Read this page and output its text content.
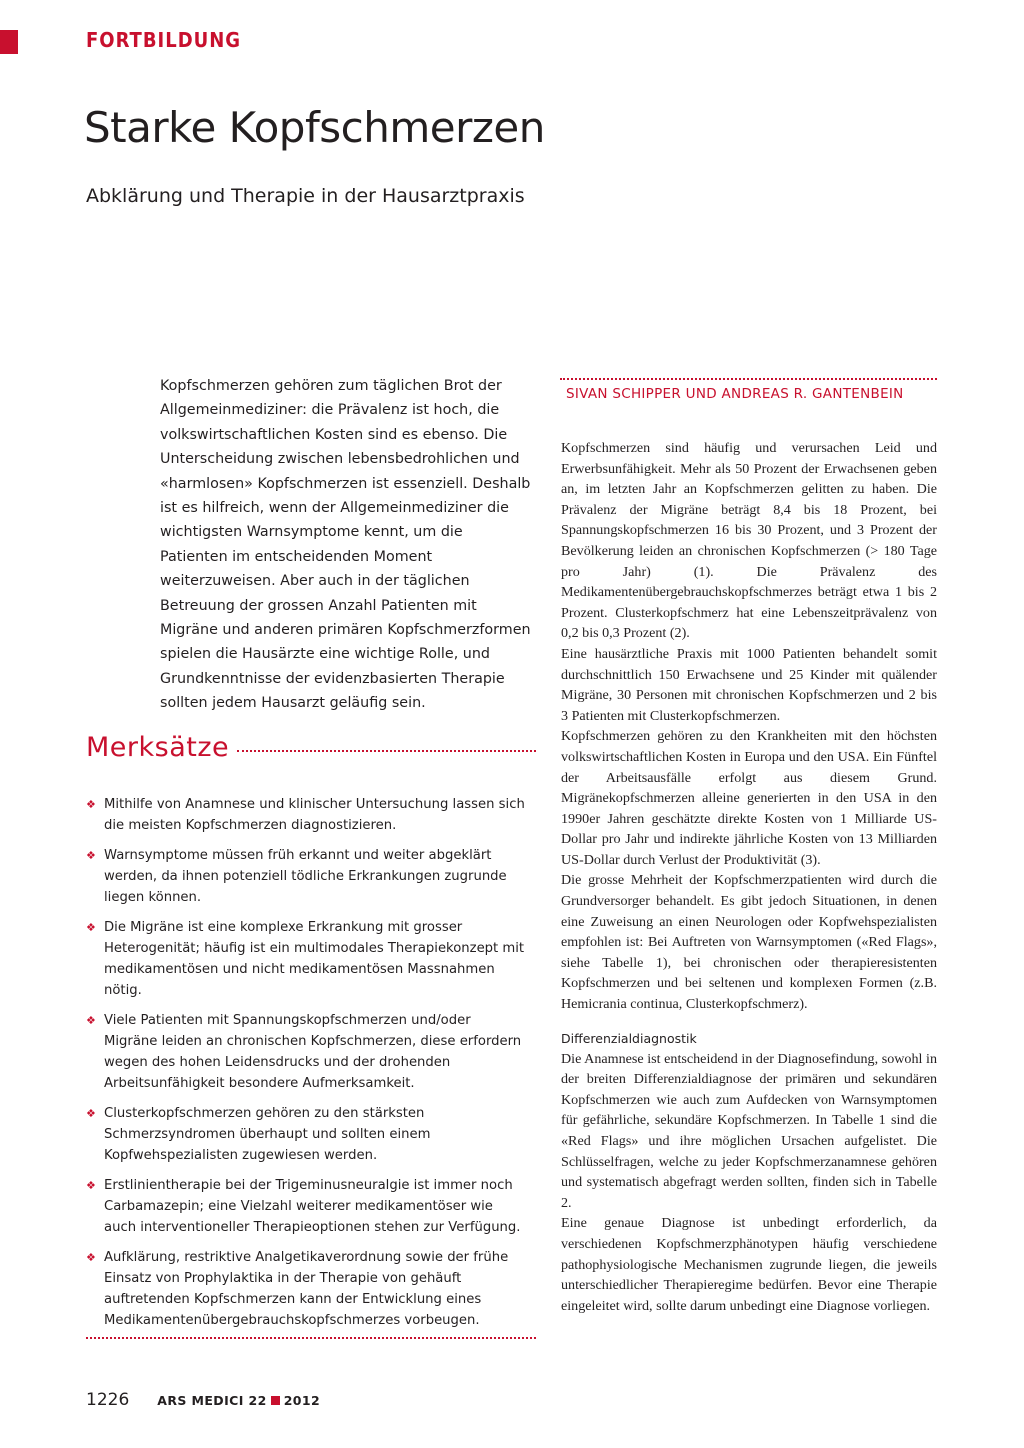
FORTBILDUNG
Starke Kopfschmerzen
Abklärung und Therapie in der Hausarztpraxis

Kopfschmerzen gehören zum täglichen Brot der Allgemeinmediziner: die Prävalenz ist hoch, die volkswirtschaftlichen Kosten sind es ebenso. Die Unterscheidung zwischen lebensbedrohlichen und «harmlosen» Kopfschmerzen ist essenziell. Deshalb ist es hilfreich, wenn der Allgemeinmediziner die wichtigsten Warnsymptome kennt, um die Patienten im entscheidenden Moment weiterzuweisen. Aber auch in der täglichen Betreuung der grossen Anzahl Patienten mit Migräne und anderen primären Kopfschmerzformen spielen die Hausärzte eine wichtige Rolle, und Grundkenntnisse der evidenzbasierten Therapie sollten jedem Hausarzt geläufig sein.

Merksätze
❖ Mithilfe von Anamnese und klinischer Untersuchung lassen sich die meisten Kopfschmerzen diagnostizieren.
❖ Warnsymptome müssen früh erkannt und weiter abgeklärt werden, da ihnen potenziell tödliche Erkrankungen zugrunde liegen können.
❖ Die Migräne ist eine komplexe Erkrankung mit grosser Heterogenität; häufig ist ein multimodales Therapiekonzept mit medikamentösen und nicht medikamentösen Massnahmen nötig.
❖ Viele Patienten mit Spannungskopfschmerzen und/oder Migräne leiden an chronischen Kopfschmerzen, diese erfordern wegen des hohen Leidensdrucks und der drohenden Arbeitsunfähigkeit besondere Aufmerksamkeit.
❖ Clusterkopfschmerzen gehören zu den stärksten Schmerzsyndromen überhaupt und sollten einem Kopfwehspezialisten zugewiesen werden.
❖ Erstlinientherapie bei der Trigeminusneuralgie ist immer noch Carbamazepin; eine Vielzahl weiterer medikamentöser wie auch interventioneller Therapieoptionen stehen zur Verfügung.
❖ Aufklärung, restriktive Analgetikaverordnung sowie der frühe Einsatz von Prophylaktika in der Therapie von gehäuft auftretenden Kopfschmerzen kann der Entwicklung eines Medikamentenübergebrauchskopfschmerzes vorbeugen.
SIVAN SCHIPPER UND ANDREAS R. GANTENBEIN

Kopfschmerzen sind häufig und verursachen Leid und Erwerbsunfähigkeit. Mehr als 50 Prozent der Erwachsenen geben an, im letzten Jahr an Kopfschmerzen gelitten zu haben. Die Prävalenz der Migräne beträgt 8,4 bis 18 Prozent, bei Spannungskopfschmerzen 16 bis 30 Prozent, und 3 Prozent der Bevölkerung leiden an chronischen Kopfschmerzen (> 180 Tage pro Jahr) (1). Die Prävalenz des Medikamentenübergebrauchskopfschmerzes beträgt etwa 1 bis 2 Prozent. Clusterkopfschmerz hat eine Lebenszeitprävalenz von 0,2 bis 0,3 Prozent (2).

Eine hausärztliche Praxis mit 1000 Patienten behandelt somit durchschnittlich 150 Erwachsene und 25 Kinder mit quälender Migräne, 30 Personen mit chronischen Kopfschmerzen und 2 bis 3 Patienten mit Clusterkopfschmerzen.

Kopfschmerzen gehören zu den Krankheiten mit den höchsten volkswirtschaftlichen Kosten in Europa und den USA. Ein Fünftel der Arbeitsausfälle erfolgt aus diesem Grund. Migränekopfschmerzen alleine generierten in den USA in den 1990er Jahren geschätzte direkte Kosten von 1 Milliarde US-Dollar pro Jahr und indirekte jährliche Kosten von 13 Milliarden US-Dollar durch Verlust der Produktivität (3).

Die grosse Mehrheit der Kopfschmerzpatienten wird durch die Grundversorger behandelt. Es gibt jedoch Situationen, in denen eine Zuweisung an einen Neurologen oder Kopfwehspezialisten empfohlen ist: Bei Auftreten von Warnsymptomen («Red Flags», siehe Tabelle 1), bei chronischen oder therapieresistenten Kopfschmerzen und bei seltenen und komplexen Formen (z.B. Hemicrania continua, Clusterkopfschmerz).

Differenzialdiagnostik

Die Anamnese ist entscheidend in der Diagnosefindung, sowohl in der breiten Differenzialdiagnose der primären und sekundären Kopfschmerzen wie auch zum Aufdecken von Warnsymptomen für gefährliche, sekundäre Kopfschmerzen. In Tabelle 1 sind die «Red Flags» und ihre möglichen Ursachen aufgelistet. Die Schlüsselfragen, welche zu jeder Kopfschmerzanamnese gehören und systematisch abgefragt werden sollten, finden sich in Tabelle 2.

Eine genaue Diagnose ist unbedingt erforderlich, da verschiedenen Kopfschmerzphänotypen häufig verschiedene pathophysiologische Mechanismen zugrunde liegen, die jeweils unterschiedlicher Therapieregime bedürfen. Bevor eine Therapie eingeleitet wird, sollte darum unbedingt eine Diagnose vorliegen.

1226 ARS MEDICI 22 2012
